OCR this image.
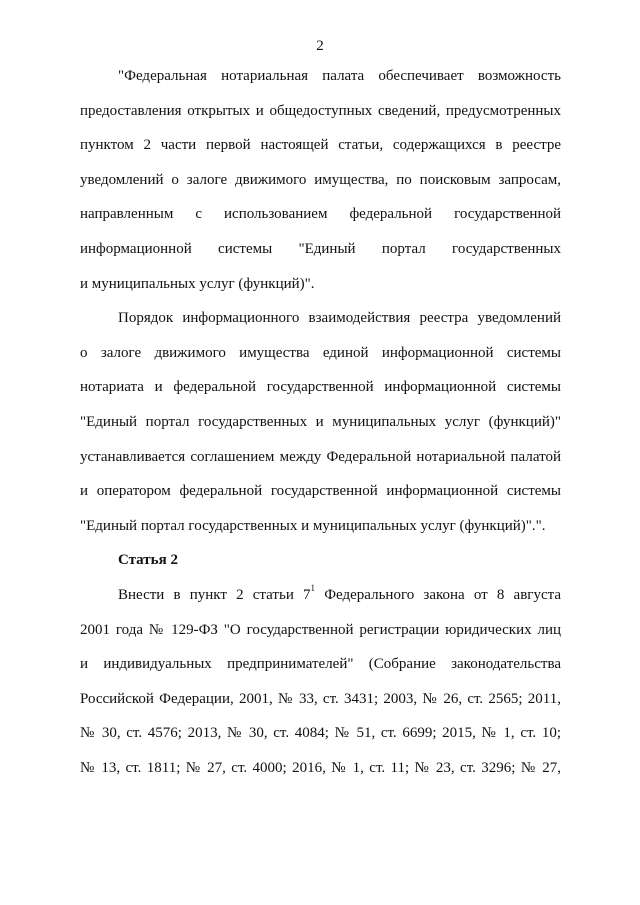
2
"Федеральная нотариальная палата обеспечивает возможность
предоставления открытых и общедоступных сведений, предусмотренных
пунктом 2 части первой настоящей статьи, содержащихся в реестре
уведомлений о залоге движимого имущества, по поисковым запросам,
направленным с использованием федеральной государственной
информационной системы "Единый портал государственных
и муниципальных услуг (функций)".
Порядок информационного взаимодействия реестра уведомлений
о залоге движимого имущества единой информационной системы
нотариата и федеральной государственной информационной системы
"Единый портал государственных и муниципальных услуг (функций)"
устанавливается соглашением между Федеральной нотариальной палатой
и оператором федеральной государственной информационной системы
"Единый портал государственных и муниципальных услуг (функций)".".
Статья 2
Внести в пункт 2 статьи $7^1$ Федерального закона от 8 августа
2001 года № 129-ФЗ "О государственной регистрации юридических лиц
и индивидуальных предпринимателей" (Собрание законодательства
Российской Федерации, 2001, № 33, ст. 3431; 2003, № 26, ст. 2565; 2011,
№ 30, ст. 4576; 2013, № 30, ст. 4084; № 51, ст. 6699; 2015, № 1, ст. 10;
№ 13, ст. 1811; № 27, ст. 4000; 2016, № 1, ст. 11; № 23, ст. 3296; № 27,
